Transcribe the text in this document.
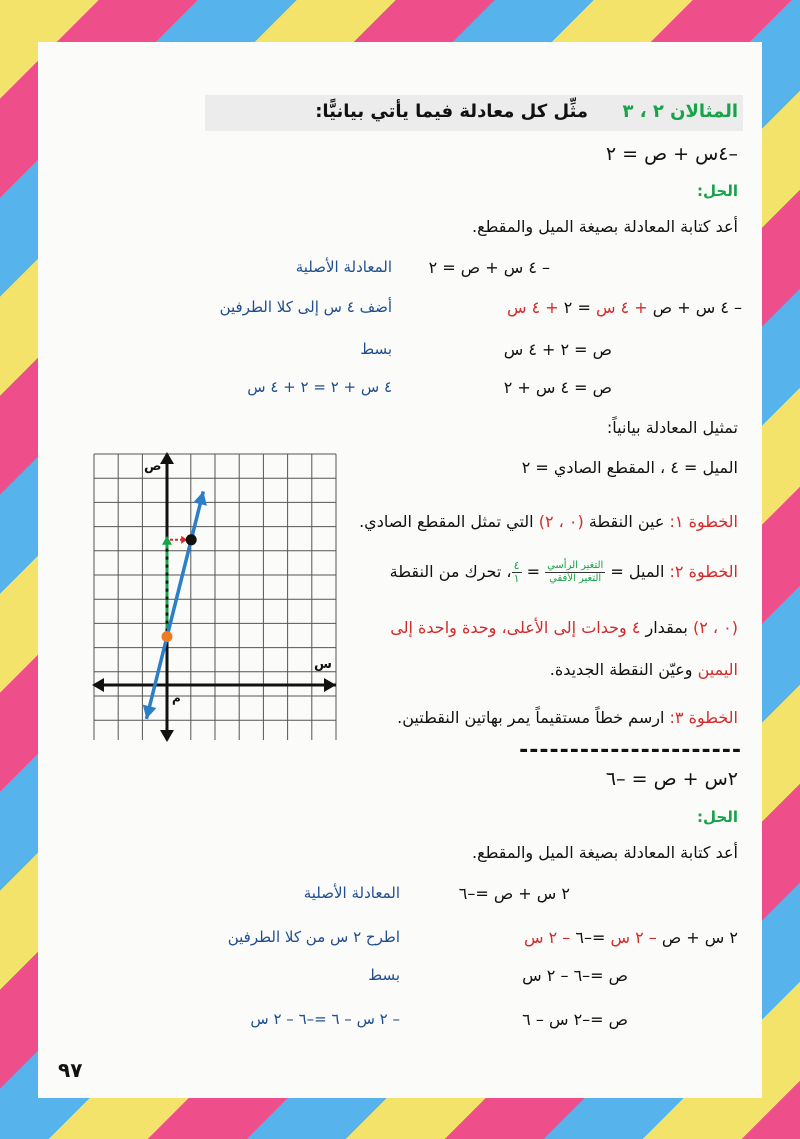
المثالان ٢ ، ٣
مثِّل كل معادلة فيما يأتي بيانيًّا:
–٤س + ص = ٢
الحل:
أعد كتابة المعادلة بصيغة الميل والمقطع.
– ٤ س + ص = ٢
المعادلة الأصلية
– ٤ س + ص + ٤ س = ٢ + ٤ س
أضف ٤ س إلى كلا الطرفين
ص = ٢ + ٤ س
بسط
ص = ٤ س + ٢
٤ س + ٢ = ٢ + ٤ س
تمثيل المعادلة بيانياً:
الميل = ٤ ، المقطع الصادي = ٢
الخطوة ١: عين النقطة (٠ ، ٢) التي تمثل المقطع الصادي.
الخطوة ٢: الميل =
$\frac{\text{التغير الرأسي}}{\text{التغير الأفقي}}$
=
$\frac{٤}{١}$
، تحرك من النقطة
(٠ ، ٢) بمقدار ٤ وحدات إلى الأعلى، وحدة واحدة إلى
اليمين وعيّن النقطة الجديدة.
الخطوة ٣: ارسم خطاً مستقيماً يمر بهاتين النقطتين.
----------------------
ص
س
م
٢س + ص = –٦
الحل:
أعد كتابة المعادلة بصيغة الميل والمقطع.
٢ س + ص =–٦
المعادلة الأصلية
٢ س + ص – ٢ س =–٦ – ٢ س
اطرح ٢ س من كلا الطرفين
ص =–٦ – ٢ س
بسط
ص =–٢ س – ٦
– ٢ س – ٦ =–٦ – ٢ س
٩٧
